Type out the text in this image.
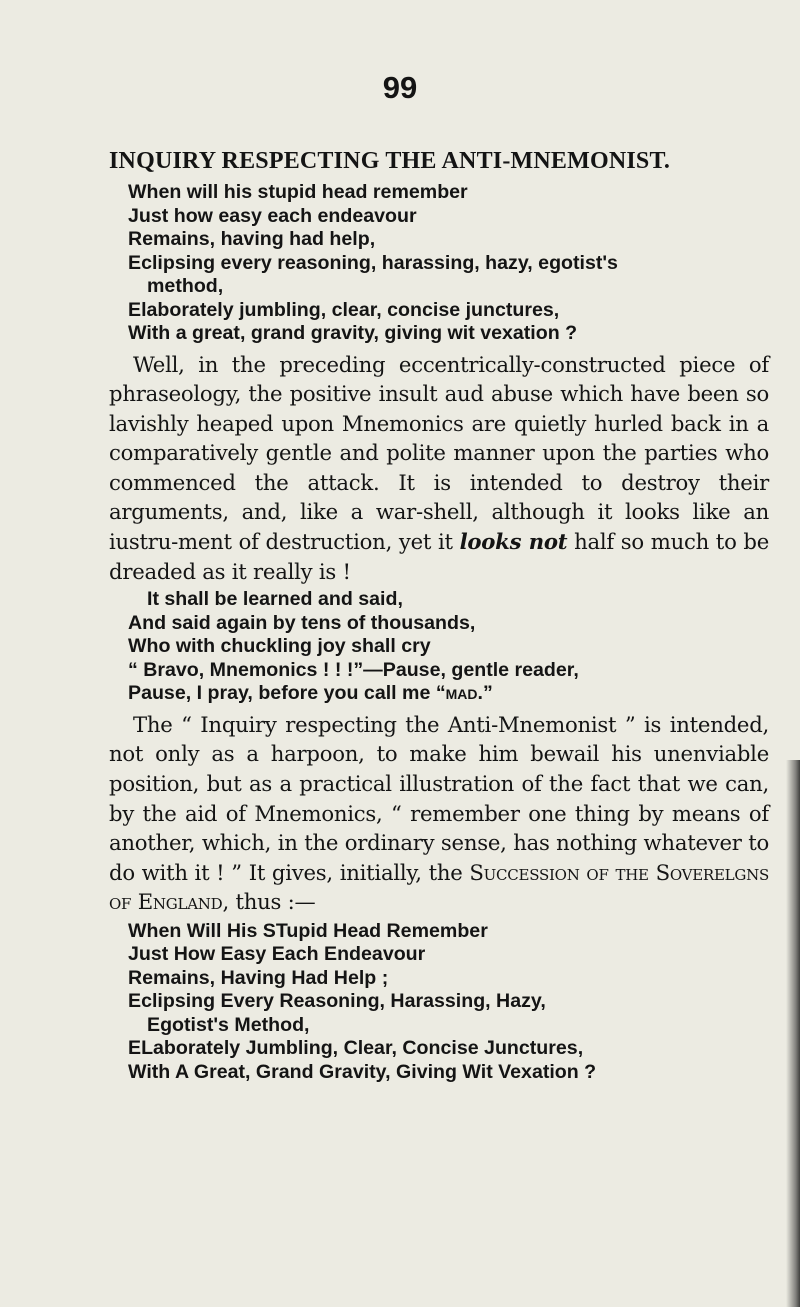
99
INQUIRY RESPECTING THE ANTI-MNEMONIST.
When will his stupid head remember
Just how easy each endeavour
Remains, having had help,
Eclipsing every reasoning, harassing, hazy, egotist's
method,
Elaborately jumbling, clear, concise junctures,
With a great, grand gravity, giving wit vexation ?

Well, in the preceding eccentrically-constructed piece of phraseology, the positive insult aud abuse which have been so lavishly heaped upon Mnemonics are quietly hurled back in a comparatively gentle and polite manner upon the parties who commenced the attack. It is intended to destroy their arguments, and, like a war-shell, although it looks like an iustru-ment of destruction, yet it looks not half so much to be dreaded as it really is !

It shall be learned and said,
And said again by tens of thousands,
Who with chuckling joy shall cry
“ Bravo, Mnemonics ! ! !”—Pause, gentle reader,
Pause, I pray, before you call me “mad.”

The “ Inquiry respecting the Anti-Mnemonist ” is intended, not only as a harpoon, to make him bewail his unenviable position, but as a practical illustration of the fact that we can, by the aid of Mnemonics, “ remember one thing by means of another, which, in the ordinary sense, has nothing whatever to do with it ! ” It gives, initially, the Succession of the Soverelgns of England, thus :—

When Will His STupid Head Remember
Just How Easy Each Endeavour
Remains, Having Had Help ;
Eclipsing Every Reasoning, Harassing, Hazy,
Egotist's Method,
ELaborately Jumbling, Clear, Concise Junctures,
With A Great, Grand Gravity, Giving Wit Vexation ?
